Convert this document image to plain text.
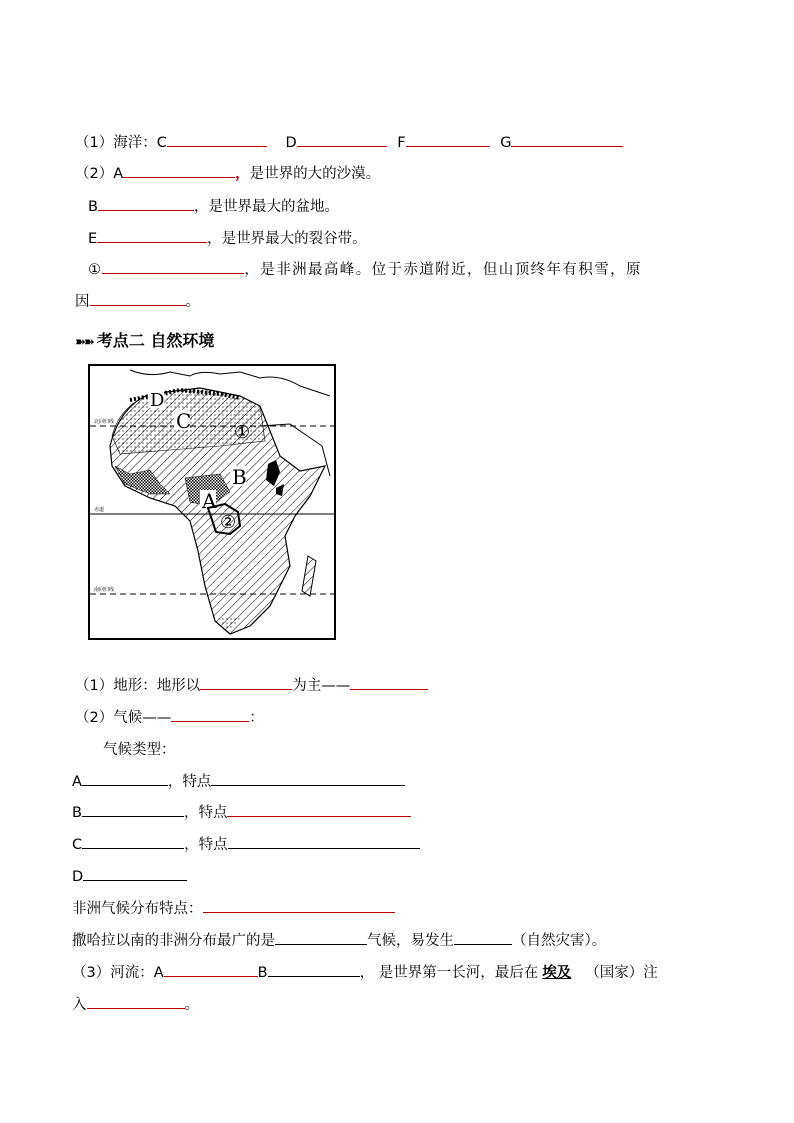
（1）海洋：C	D	F	G
（2）A	，是世界的大的沙漠。
B	，是世界最大的盆地。
E	，是世界最大的裂谷带。
①	，是非洲最高峰。位于赤道附近，但山顶终年有积雪，原
因	。
➽➽ 考点二 自然环境
北回归线
赤道
南回归线
D
C
B
A
①
②
（1）地形：地形以	为主——
（2）气候——	：
气候类型：
A	，特点
B	，特点
C	，特点
D
非洲气候分布特点：
撒哈拉以南的非洲分布最广的是	气候，易发生	（自然灾害）。
（3）河流：A	B	， 是世界第一长河，最后在 埃及 （国家）注
入	。
